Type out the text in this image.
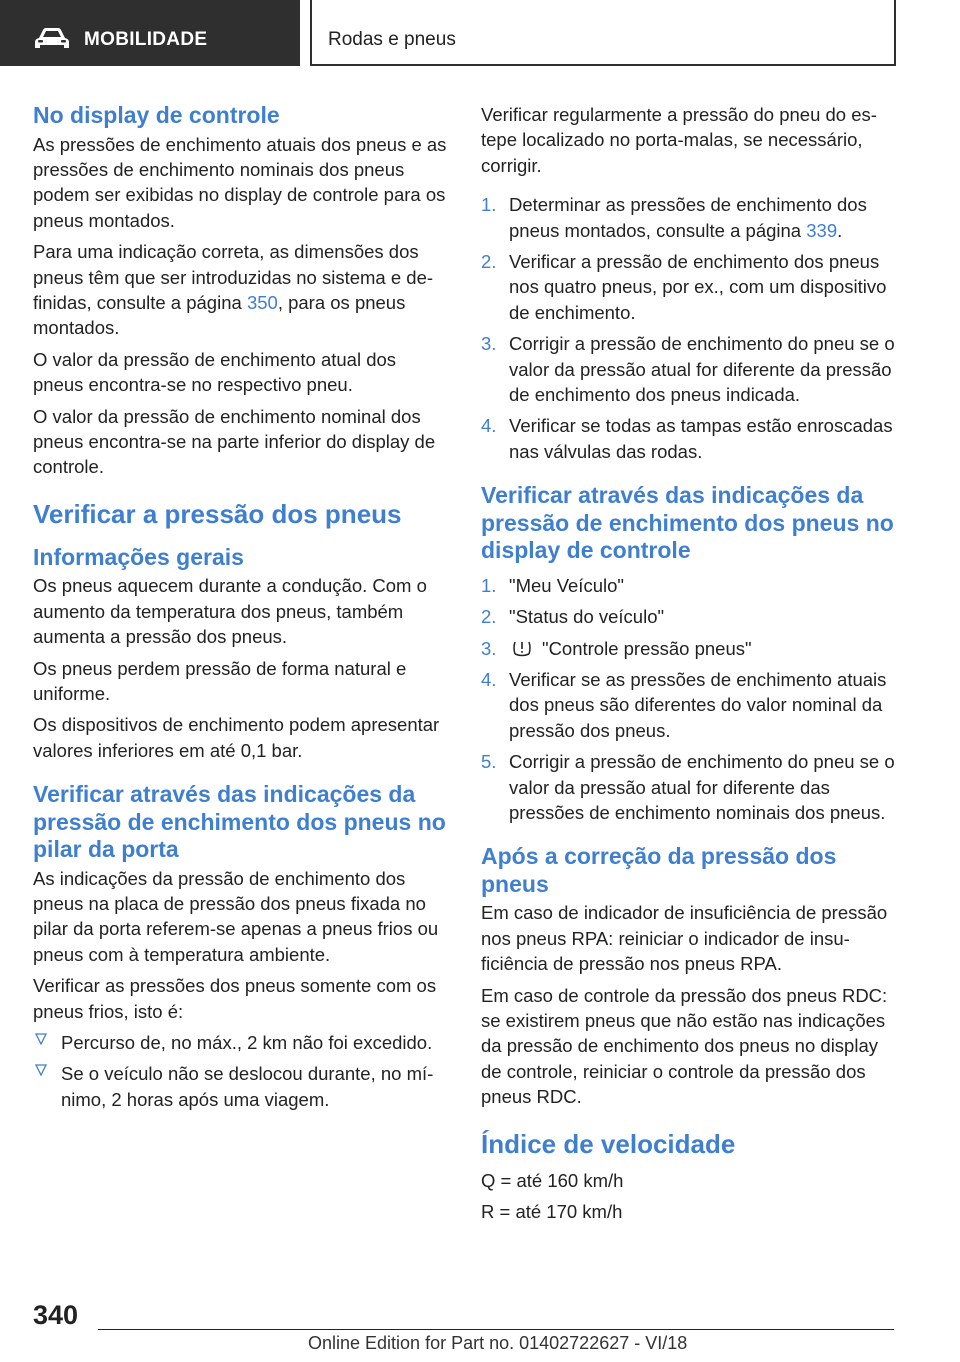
MOBILIDADE	Rodas e pneus
No display de controle

As pressões de enchimento atuais dos pneus e as pressões de enchimento nominais dos pneus podem ser exibidas no display de controle para os pneus montados.

Para uma indicação correta, as dimensões dos pneus têm que ser introduzidas no sistema e definidas, consulte a página 350, para os pneus montados.

O valor da pressão de enchimento atual dos pneus encontra-se no respectivo pneu.

O valor da pressão de enchimento nominal dos pneus encontra-se na parte inferior do display de controle.

Verificar a pressão dos pneus
Informações gerais

Os pneus aquecem durante a condução. Com o aumento da temperatura dos pneus, também aumenta a pressão dos pneus.

Os pneus perdem pressão de forma natural e uniforme.

Os dispositivos de enchimento podem apresentar valores inferiores em até 0,1 bar.

Verificar através das indicações da pressão de enchimento dos pneus no pilar da porta

As indicações da pressão de enchimento dos pneus na placa de pressão dos pneus fixada no pilar da porta referem-se apenas a pneus frios ou pneus com à temperatura ambiente.

Verificar as pressões dos pneus somente com os pneus frios, isto é:

Percurso de, no máx., 2 km não foi excedido.
Se o veículo não se deslocou durante, no mínimo, 2 horas após uma viagem.

Verificar regularmente a pressão do pneu do estepe localizado no porta-malas, se necessário, corrigir.

1. Determinar as pressões de enchimento dos pneus montados, consulte a página 339.
2. Verificar a pressão de enchimento dos pneus nos quatro pneus, por ex., com um dispositivo de enchimento.
3. Corrigir a pressão de enchimento do pneu se o valor da pressão atual for diferente da pressão de enchimento dos pneus indicada.
4. Verificar se todas as tampas estão enroscadas nas válvulas das rodas.
Verificar através das indicações da pressão de enchimento dos pneus no display de controle
1. "Meu Veículo"
2. "Status do veículo"
3. "Controle pressão pneus"
4. Verificar se as pressões de enchimento atuais dos pneus são diferentes do valor nominal da pressão dos pneus.
5. Corrigir a pressão de enchimento do pneu se o valor da pressão atual for diferente das pressões de enchimento nominais dos pneus.
Após a correção da pressão dos pneus

Em caso de indicador de insuficiência de pressão nos pneus RPA: reiniciar o indicador de insuficiência de pressão nos pneus RPA.

Em caso de controle da pressão dos pneus RDC: se existirem pneus que não estão nas indicações da pressão de enchimento dos pneus no display de controle, reiniciar o controle da pressão dos pneus RDC.

Índice de velocidade

Q = até 160 km/h

R = até 170 km/h

340
Online Edition for Part no. 01402722627 - VI/18
